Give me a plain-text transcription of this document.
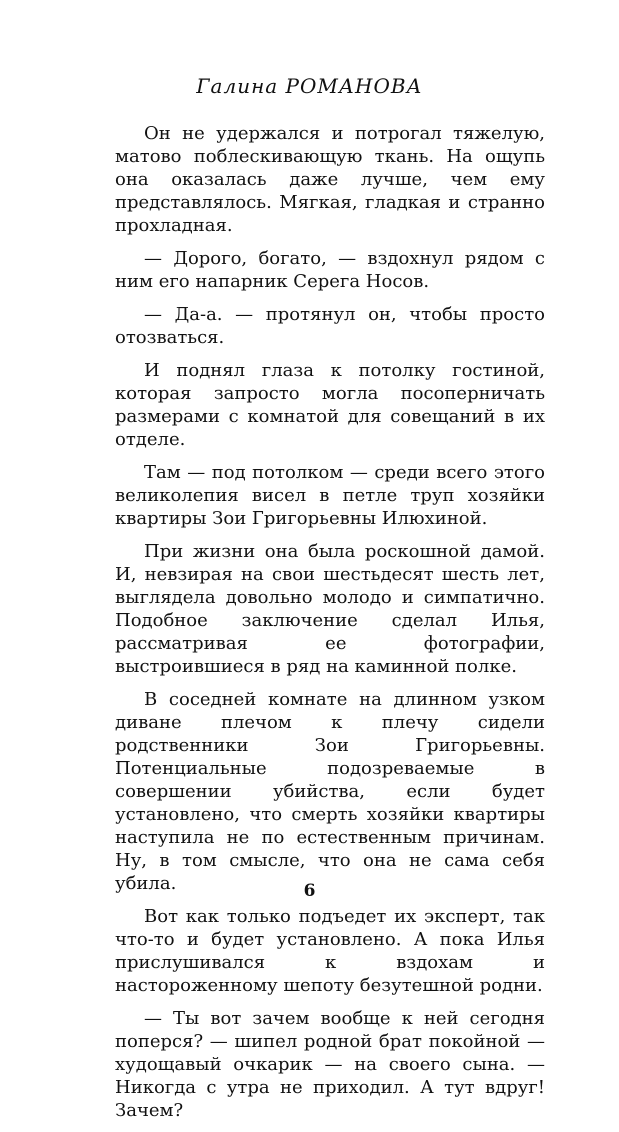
Галина РОМАНОВА

Он не удержался и потрогал тяжелую, матово поблескивающую ткань. На ощупь она оказалась даже лучше, чем ему представлялось. Мягкая, гладкая и странно прохладная.

— Дорого, богато, — вздохнул рядом с ним его напарник Серега Носов.

— Да-а. — протянул он, чтобы просто отозваться.

И поднял глаза к потолку гостиной, которая запросто могла посоперничать размерами с комнатой для совещаний в их отделе.

Там — под потолком — среди всего этого великолепия висел в петле труп хозяйки квартиры Зои Григорьевны Илюхиной.

При жизни она была роскошной дамой. И, невзирая на свои шестьдесят шесть лет, выглядела довольно молодо и симпатично. Подобное заключение сделал Илья, рассматривая ее фотографии, выстроившиеся в ряд на каминной полке.

В соседней комнате на длинном узком диване плечом к плечу сидели родственники Зои Григорьевны. Потенциальные подозреваемые в совершении убийства, если будет установлено, что смерть хозяйки квартиры наступила не по естественным причинам. Ну, в том смысле, что она не сама себя убила.

Вот как только подъедет их эксперт, так что-то и будет установлено. А пока Илья прислушивался к вздохам и настороженному шепоту безутешной родни.

— Ты вот зачем вообще к ней сегодня поперся? — шипел родной брат покойной — худощавый очкарик — на своего сына. — Никогда с утра не приходил. А тут вдруг! Зачем?

6
